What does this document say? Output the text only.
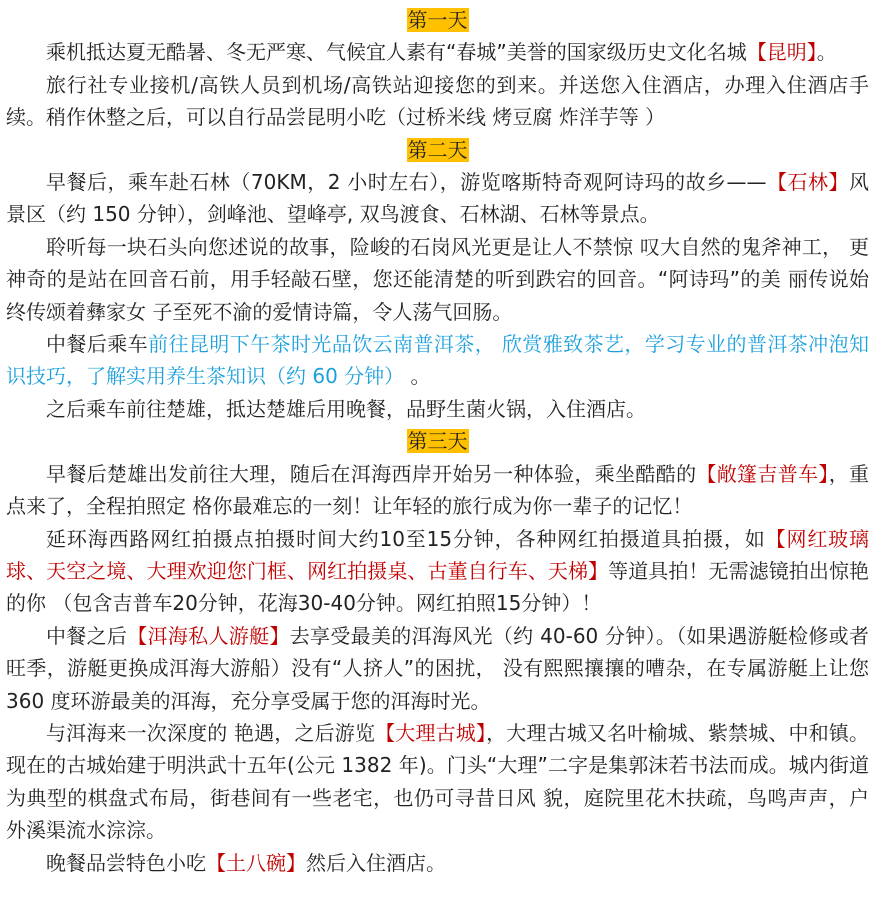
第一天

乘机抵达夏无酷暑、冬无严寒、气候宜人素有“春城”美誉的国家级历史文化名城【昆明】。

旅行社专业接机/高铁人员到机场/高铁站迎接您的到来。并送您入住酒店，办理入住酒店手续。稍作休整之后，可以自行品尝昆明小吃（过桥米线 烤豆腐 炸洋芋等 ）

第二天

早餐后，乘车赴石林（70KM，2 小时左右），游览喀斯特奇观阿诗玛的故乡——【石林】风景区（约 150 分钟），剑峰池、望峰亭, 双鸟渡食、石林湖、石林等景点。

聆听每一块石头向您述说的故事，险峻的石岗风光更是让人不禁惊 叹大自然的鬼斧神工， 更神奇的是站在回音石前，用手轻敲石壁，您还能清楚的听到跌宕的回音。“阿诗玛”的美 丽传说始终传颂着彝家女 子至死不渝的爱情诗篇，令人荡气回肠。

中餐后乘车前往昆明下午茶时光品饮云南普洱茶， 欣赏雅致茶艺，学习专业的普洱茶冲泡知识技巧，了解实用养生茶知识（约 60 分钟） 。

之后乘车前往楚雄，抵达楚雄后用晚餐，品野生菌火锅，入住酒店。

第三天

早餐后楚雄出发前往大理，随后在洱海西岸开始另一种体验，乘坐酷酷的【敞篷吉普车】，重点来了，全程拍照定 格你最难忘的一刻！让年轻的旅行成为你一辈子的记忆！

延环海西路网红拍摄点拍摄时间大约10至15分钟，各种网红拍摄道具拍摄，如【网红玻璃球、天空之境、大理欢迎您门框、网红拍摄桌、古董自行车、天梯】等道具拍！无需滤镜拍出惊艳的你 （包含吉普车20分钟，花海30-40分钟。网红拍照15分钟）！

中餐之后【洱海私人游艇】去享受最美的洱海风光（约 40-60 分钟）。（如果遇游艇检修或者旺季，游艇更换成洱海大游船）没有“人挤人”的困扰， 没有熙熙攘攘的嘈杂，在专属游艇上让您 360 度环游最美的洱海，充分享受属于您的洱海时光。

与洱海来一次深度的 艳遇，之后游览【大理古城】，大理古城又名叶榆城、紫禁城、中和镇。现在的古城始建于明洪武十五年(公元 1382 年)。门头“大理”二字是集郭沫若书法而成。城内街道为典型的棋盘式布局，街巷间有一些老宅，也仍可寻昔日风 貌，庭院里花木扶疏，鸟鸣声声，户外溪渠流水淙淙。

晚餐品尝特色小吃【土八碗】然后入住酒店。
